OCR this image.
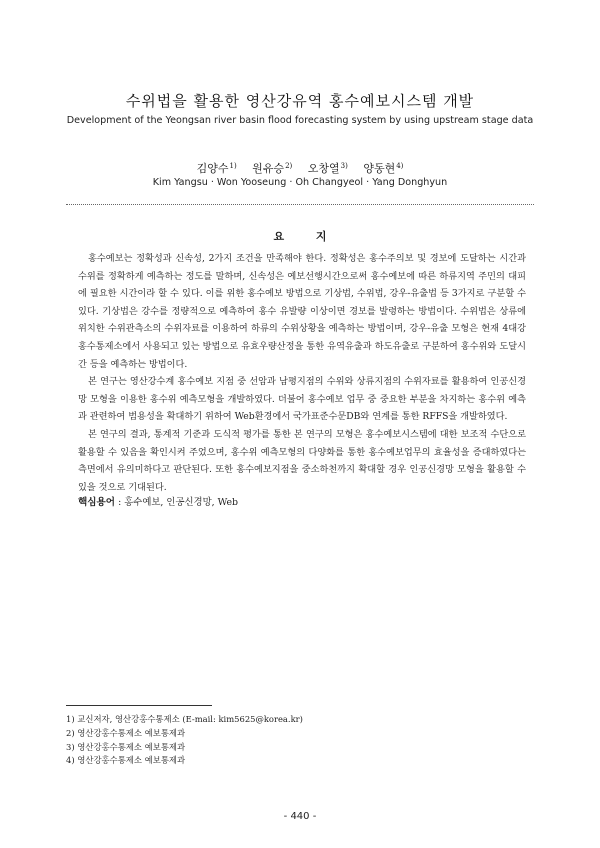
수위법을 활용한 영산강유역 홍수예보시스템 개발
Development of the Yeongsan river basin flood forecasting system by using upstream stage data
김양수$^{1)}$ 원유승$^{2)}$ 오창열$^{3)}$ 양동현$^{4)}$
Kim Yangsu · Won Yooseung · Oh Changyeol · Yang Donghyun
요 지

홍수예보는 정확성과 신속성, 2가지 조건을 만족해야 한다. 정확성은 홍수주의보 및 경보에 도달하는 시간과 수위를 정확하게 예측하는 정도를 말하며, 신속성은 예보선행시간으로써 홍수예보에 따른 하류지역 주민의 대피에 필요한 시간이라 할 수 있다. 이를 위한 홍수예보 방법으로 기상법, 수위법, 강우-유출법 등 3가지로 구분할 수 있다. 기상법은 강수를 정량적으로 예측하여 홍수 유발량 이상이면 경보를 발령하는 방법이다. 수위법은 상류에 위치한 수위관측소의 수위자료를 이용하여 하류의 수위상황을 예측하는 방법이며, 강우-유출 모형은 현재 4대강 홍수통제소에서 사용되고 있는 방법으로 유효우량산정을 통한 유역유출과 하도유출로 구분하여 홍수위와 도달시간 등을 예측하는 방법이다.

본 연구는 영산강수계 홍수예보 지점 중 선암과 남평지점의 수위와 상류지점의 수위자료를 활용하여 인공신경망 모형을 이용한 홍수위 예측모형을 개발하였다. 더불어 홍수예보 업무 중 중요한 부분을 차지하는 홍수위 예측과 관련하여 범용성을 확대하기 위하여 Web환경에서 국가표준수문DB와 연계를 통한 RFFS을 개발하였다.

본 연구의 결과, 통계적 기준과 도식적 평가를 통한 본 연구의 모형은 홍수예보시스템에 대한 보조적 수단으로 활용할 수 있음을 확인시켜 주었으며, 홍수위 예측모형의 다양화를 통한 홍수예보업무의 효율성을 증대하였다는 측면에서 유의미하다고 판단된다. 또한 홍수예보지점을 중소하천까지 확대할 경우 인공신경망 모형을 활용할 수 있을 것으로 기대된다.

핵심용어 : 홍수예보, 인공신경망, Web
1) 교신저자, 영산강홍수통제소 (E-mail: kim5625@korea.kr)
2) 영산강홍수통제소 예보통제과
3) 영산강홍수통제소 예보통제과
4) 영산강홍수통제소 예보통제과
- 440 -
